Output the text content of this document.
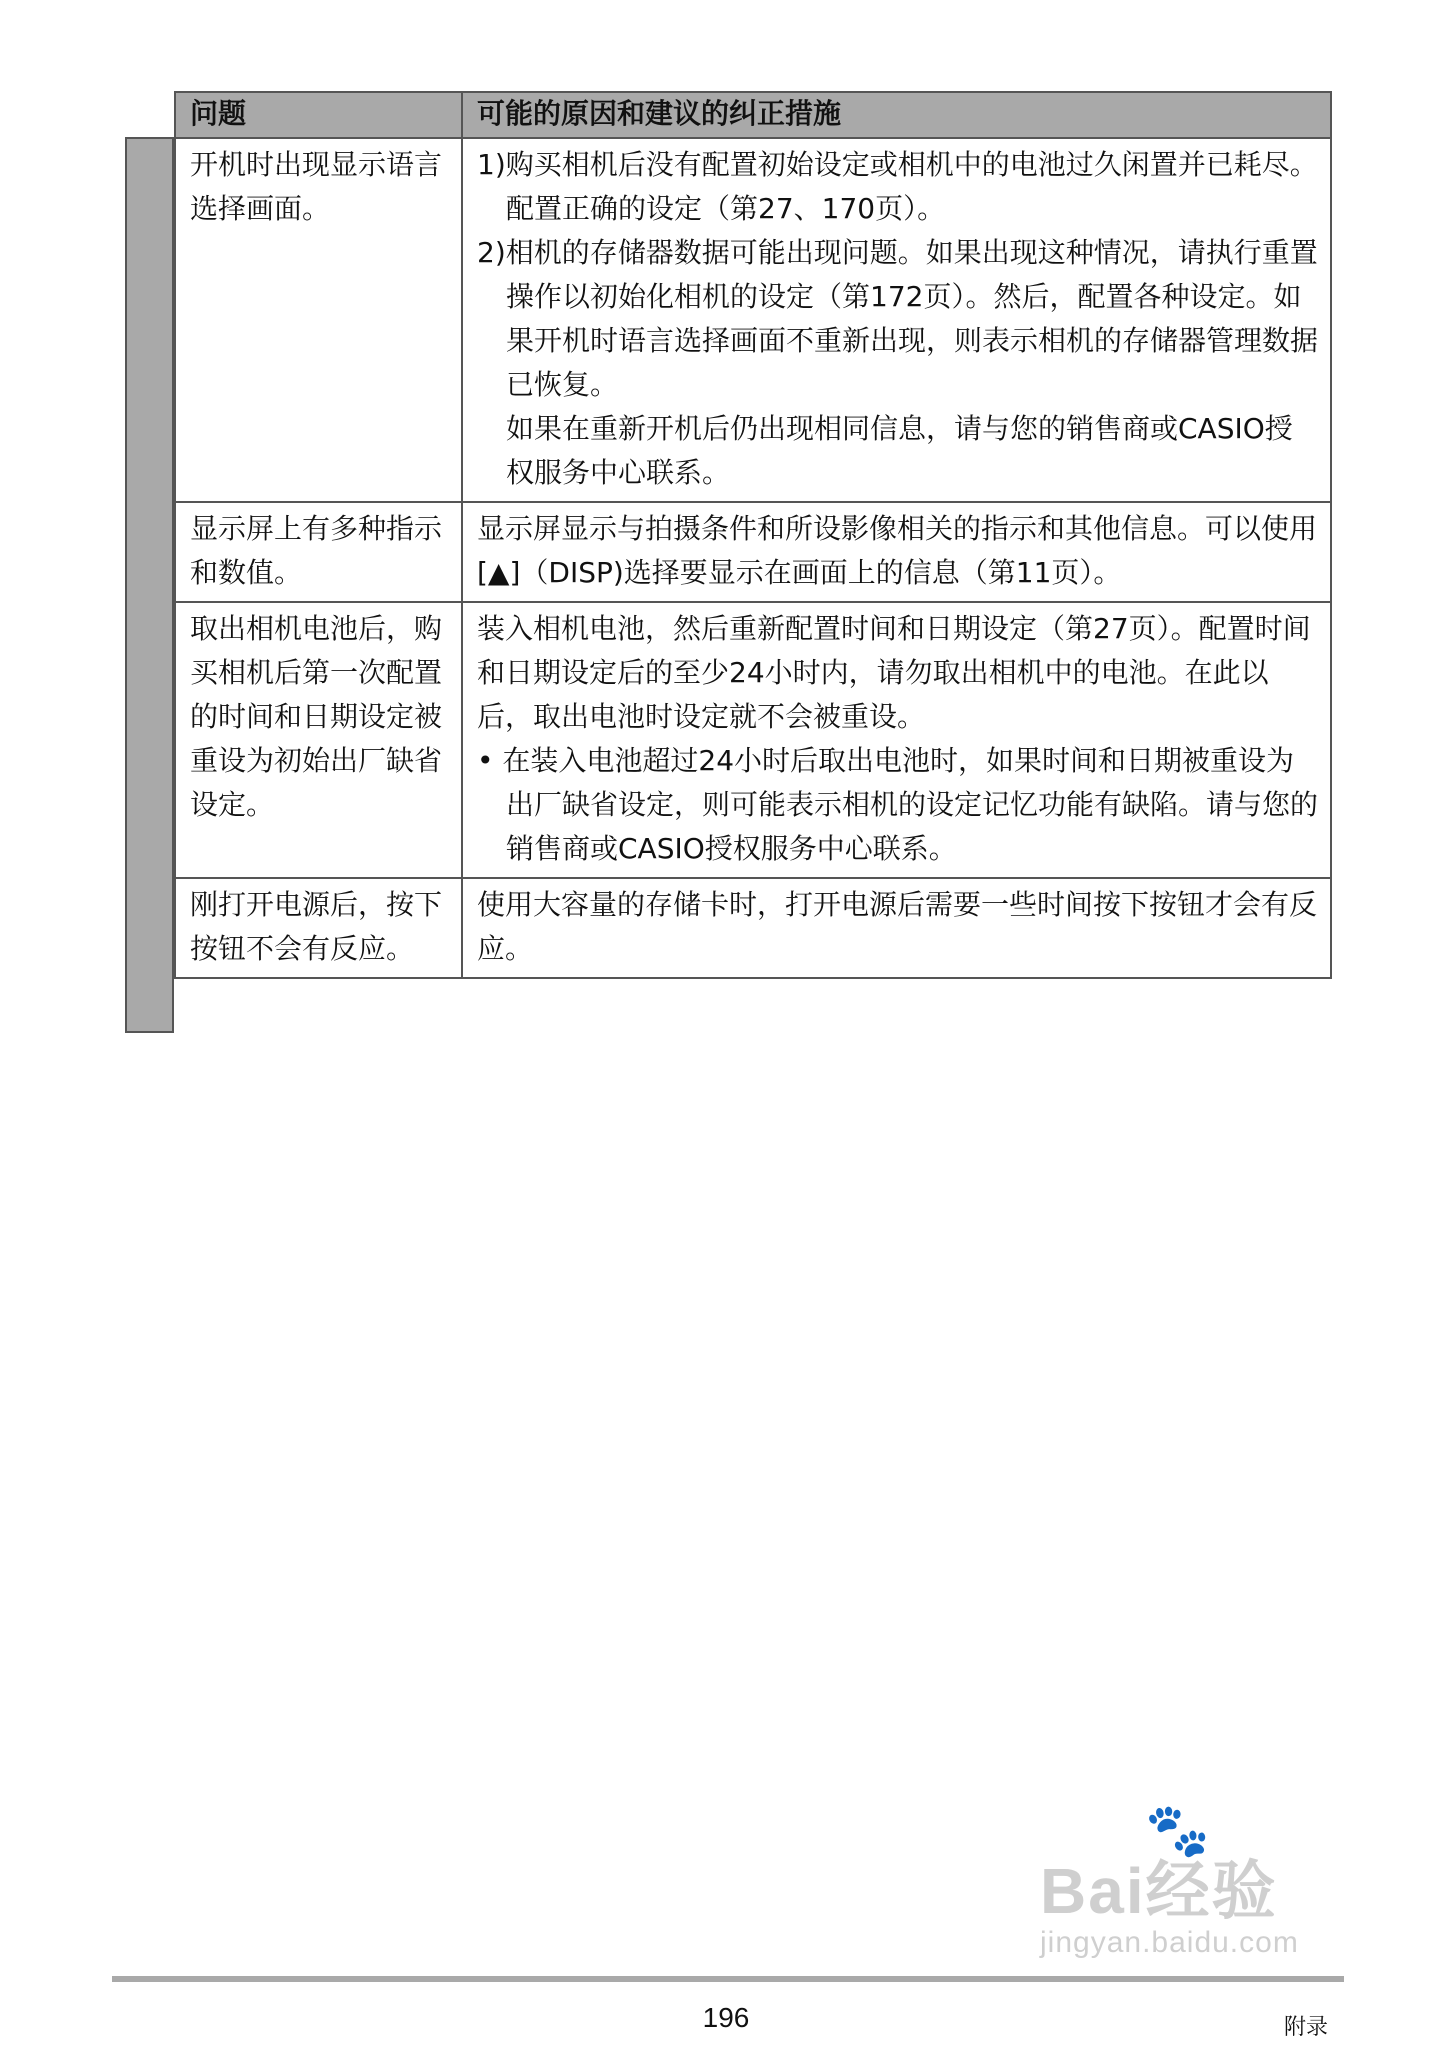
问题	可能的原因和建议的纠正措施
开机时出现显示语言选择画面。	1)购买相机后没有配置初始设定或相机中的电池过久闲置并已耗尽。配置正确的设定（第27、170页）。

2)相机的存储器数据可能出现问题。如果出现这种情况，请执行重置操作以初始化相机的设定（第172页）。然后，配置各种设定。如果开机时语言选择画面不重新出现，则表示相机的存储器管理数据已恢复。

如果在重新开机后仍出现相同信息，请与您的销售商或CASIO授权服务中心联系。

显示屏上有多种指示和数值。	显示屏显示与拍摄条件和所设影像相关的指示和其他信息。可以使用[▲]（DISP)选择要显示在画面上的信息（第11页）。

取出相机电池后，购买相机后第一次配置的时间和日期设定被重设为初始出厂缺省设定。	装入相机电池，然后重新配置时间和日期设定（第27页）。配置时间和日期设定后的至少24小时内，请勿取出相机中的电池。在此以后，取出电池时设定就不会被重设。

• 在装入电池超过24小时后取出电池时，如果时间和日期被重设为出厂缺省设定，则可能表示相机的设定记忆功能有缺陷。请与您的销售商或CASIO授权服务中心联系。

刚打开电源后，按下按钮不会有反应。	使用大容量的存储卡时，打开电源后需要一些时间按下按钮才会有反应。

🐾
Bai经验
jingyan.baidu.com
196	附录
